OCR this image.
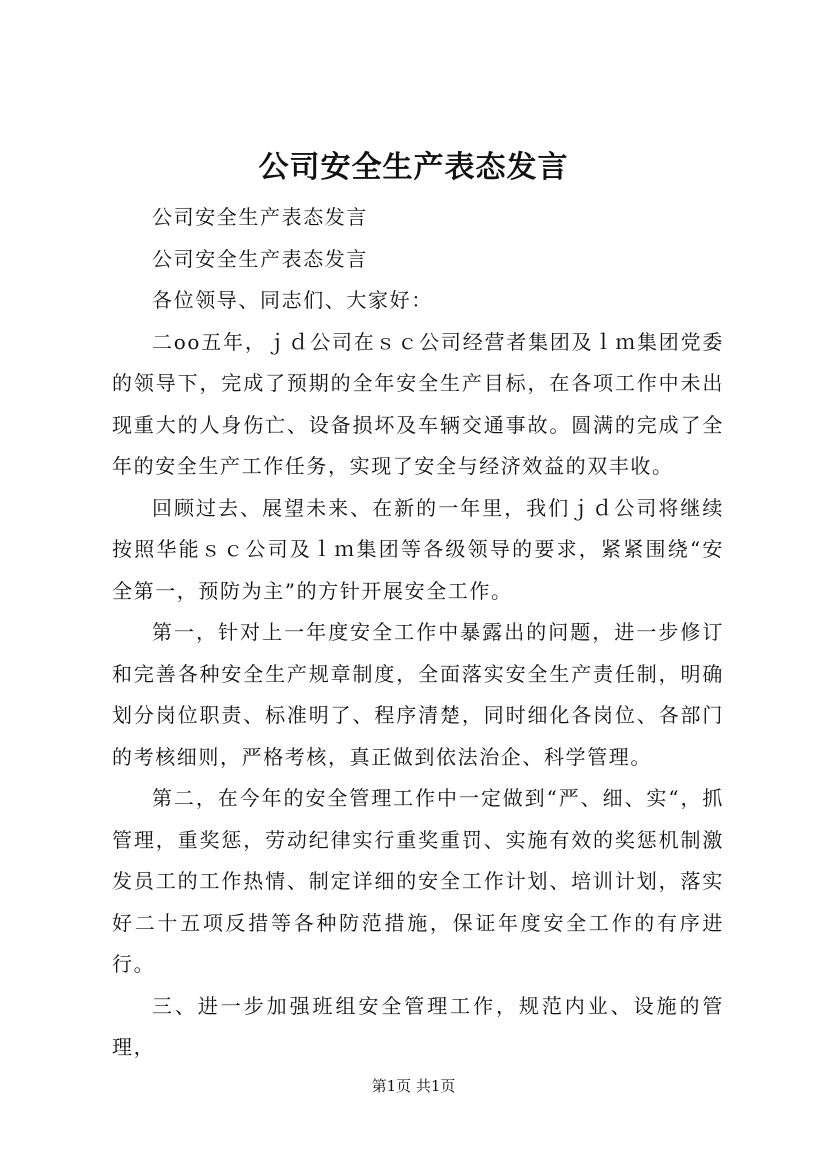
公司安全生产表态发言

公司安全生产表态发言

公司安全生产表态发言

各位领导、同志们、大家好：

二oo五年，ｊｄ公司在ｓｃ公司经营者集团及ｌｍ集团党委的领导下，完成了预期的全年安全生产目标，在各项工作中未出现重大的人身伤亡、设备损坏及车辆交通事故。圆满的完成了全年的安全生产工作任务，实现了安全与经济效益的双丰收。

回顾过去、展望未来、在新的一年里，我们ｊｄ公司将继续按照华能ｓｃ公司及ｌｍ集团等各级领导的要求，紧紧围绕“安全第一，预防为主”的方针开展安全工作。

第一，针对上一年度安全工作中暴露出的问题，进一步修订和完善各种安全生产规章制度，全面落实安全生产责任制，明确划分岗位职责、标准明了、程序清楚，同时细化各岗位、各部门的考核细则，严格考核，真正做到依法治企、科学管理。

第二，在今年的安全管理工作中一定做到“严、细、实“，抓管理，重奖惩，劳动纪律实行重奖重罚、实施有效的奖惩机制激发员工的工作热情、制定详细的安全工作计划、培训计划，落实好二十五项反措等各种防范措施，保证年度安全工作的有序进行。

三、进一步加强班组安全管理工作，规范内业、设施的管理，

第1页 共1页
